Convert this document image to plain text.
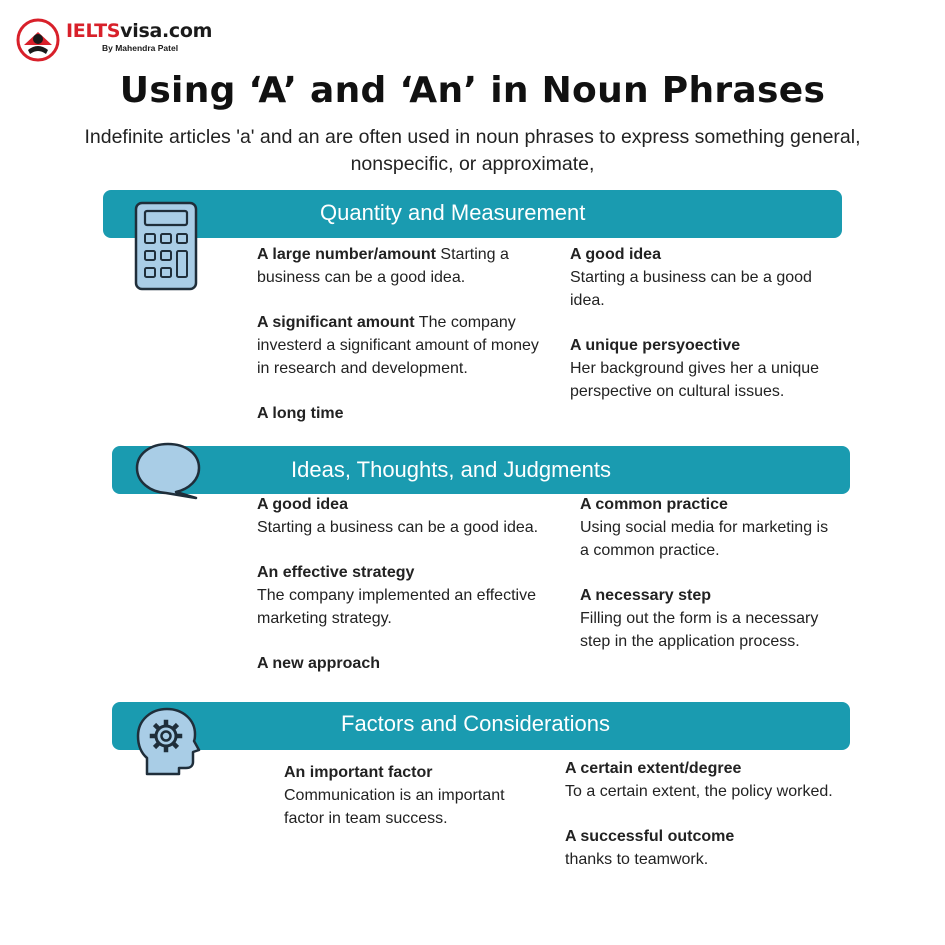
IELTSvisa.com
By Mahendra Patel
Using ‘A’ and ‘An’ in Noun Phrases
Indefinite articles 'a' and an are often used in noun phrases to express something general, nonspecific, or approximate,
Quantity and Measurement
A large number/amount Starting a business can be a good idea.
A significant amount The company investerd a significant amount of money in research and development.
A long time
A good idea
Starting a business can be a good idea.
A unique persyoective
Her background gives her a unique perspective on cultural issues.
Ideas, Thoughts, and Judgments
A good idea
Starting a business can be a good idea.
An effective strategy
The company implemented an effective marketing strategy.
A new approach
A common practice
Using social media for marketing is a common practice.
A necessary step
Filling out the form is a necessary step in the application process.
Factors and Considerations
An important factor
Communication is an important factor in team success.
A certain extent/degree
To a certain extent, the policy worked.
A successful outcome
thanks to teamwork.
